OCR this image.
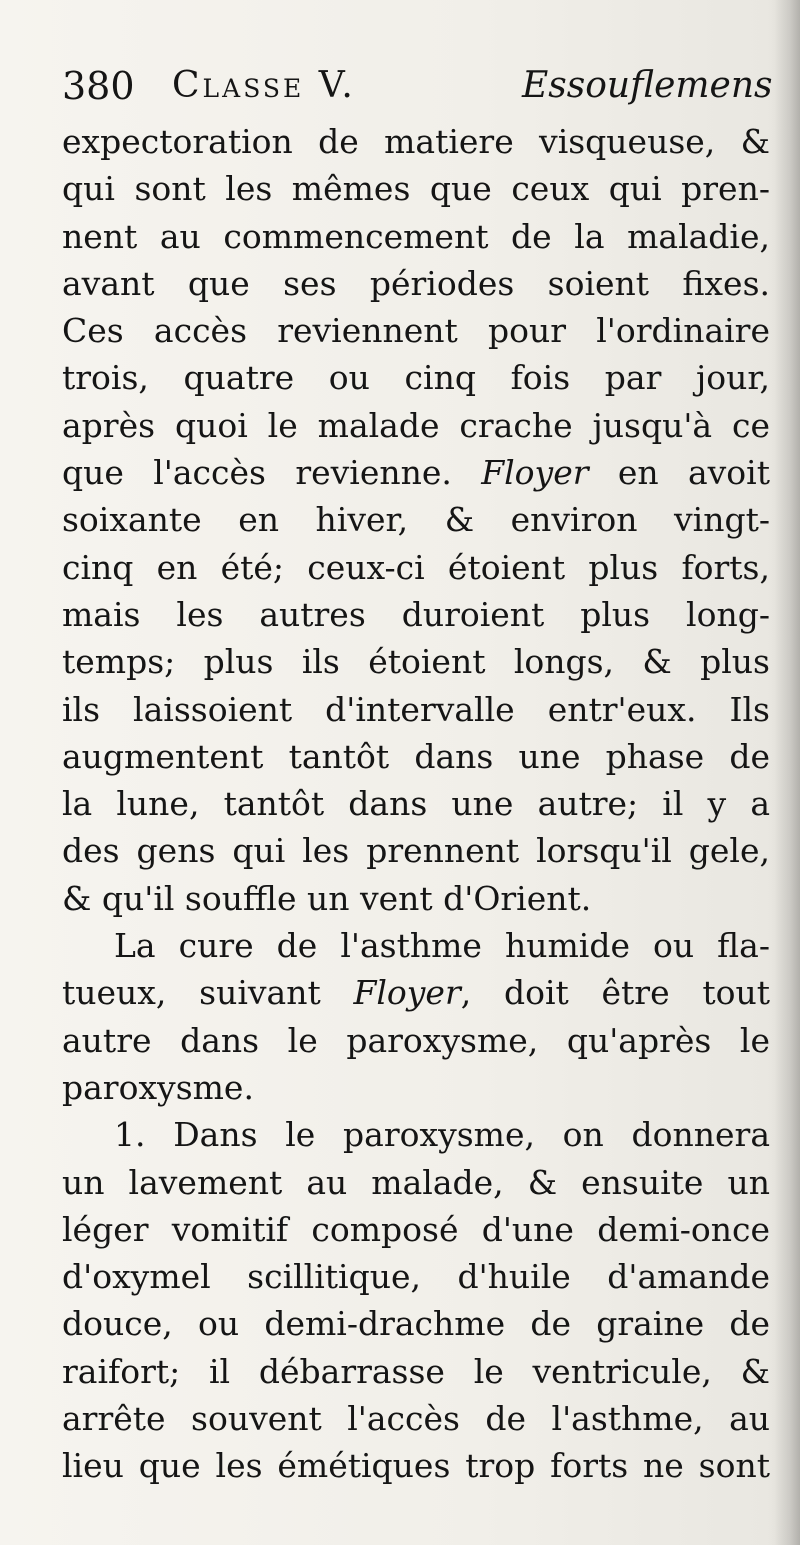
380 Classe V.	Essouflemens
expectoration de matiere visqueuse, &
qui sont les mêmes que ceux qui pren-
nent au commencement de la maladie,
avant que ses périodes soient fixes.
Ces accès reviennent pour l'ordinaire
trois, quatre ou cinq fois par jour,
après quoi le malade crache jusqu'à ce
que l'accès revienne. Floyer en avoit
soixante en hiver, & environ vingt-
cinq en été; ceux-ci étoient plus forts,
mais les autres duroient plus long-
temps; plus ils étoient longs, & plus
ils laissoient d'intervalle entr'eux. Ils
augmentent tantôt dans une phase de
la lune, tantôt dans une autre; il y a
des gens qui les prennent lorsqu'il gele,
& qu'il souffle un vent d'Orient.
La cure de l'asthme humide ou fla-
tueux, suivant Floyer, doit être tout
autre dans le paroxysme, qu'après le
paroxysme.
1. Dans le paroxysme, on donnera
un lavement au malade, & ensuite un
léger vomitif composé d'une demi-once
d'oxymel scillitique, d'huile d'amande
douce, ou demi-drachme de graine de
raifort; il débarrasse le ventricule, &
arrête souvent l'accès de l'asthme, au
lieu que les émétiques trop forts ne sont
